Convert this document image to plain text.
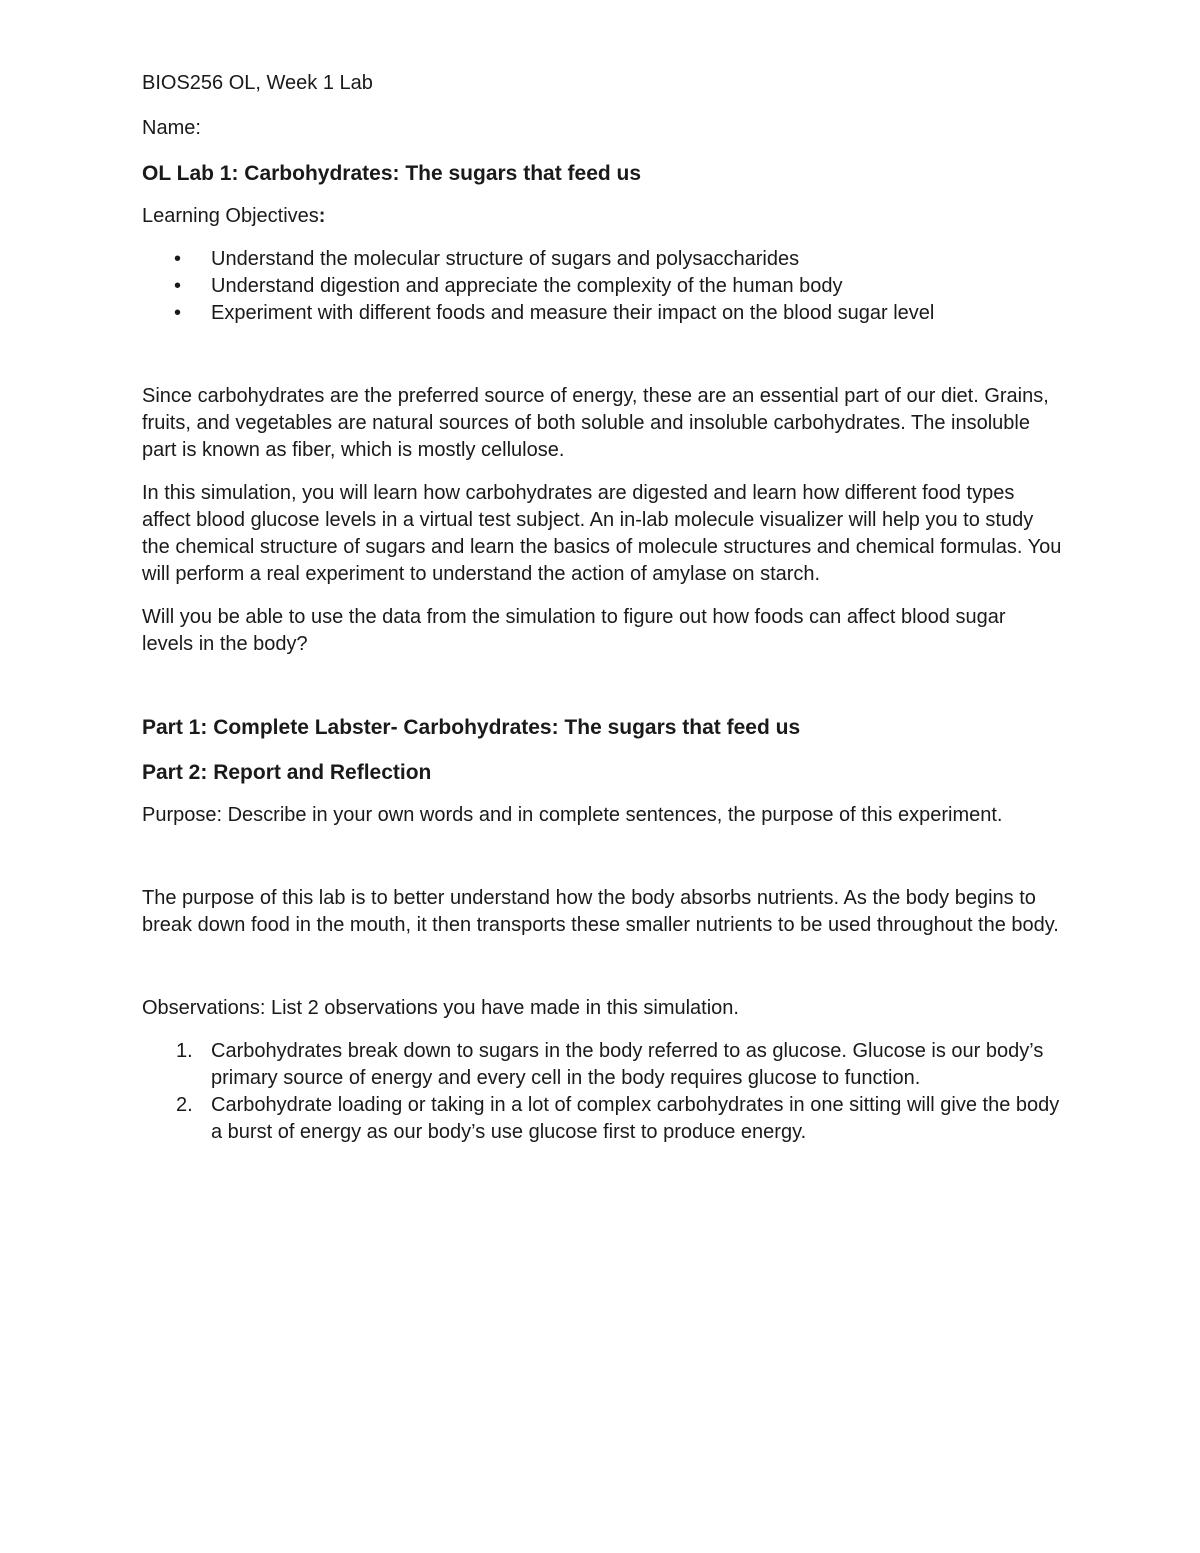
BIOS256 OL, Week 1 Lab

Name:

OL Lab 1: Carbohydrates: The sugars that feed us

Learning Objectives:

• Understand the molecular structure of sugars and polysaccharides
• Understand digestion and appreciate the complexity of the human body
• Experiment with different foods and measure their impact on the blood sugar level

Since carbohydrates are the preferred source of energy, these are an essential part of our diet. Grains, fruits, and vegetables are natural sources of both soluble and insoluble carbohydrates. The insoluble part is known as fiber, which is mostly cellulose.

In this simulation, you will learn how carbohydrates are digested and learn how different food types affect blood glucose levels in a virtual test subject. An in-lab molecule visualizer will help you to study the chemical structure of sugars and learn the basics of molecule structures and chemical formulas. You will perform a real experiment to understand the action of amylase on starch.

Will you be able to use the data from the simulation to figure out how foods can affect blood sugar levels in the body?

Part 1: Complete Labster- Carbohydrates: The sugars that feed us

Part 2: Report and Reflection

Purpose: Describe in your own words and in complete sentences, the purpose of this experiment.

The purpose of this lab is to better understand how the body absorbs nutrients. As the body begins to break down food in the mouth, it then transports these smaller nutrients to be used throughout the body.

Observations: List 2 observations you have made in this simulation.

1. Carbohydrates break down to sugars in the body referred to as glucose. Glucose is our body’s primary source of energy and every cell in the body requires glucose to function.
2. Carbohydrate loading or taking in a lot of complex carbohydrates in one sitting will give the body a burst of energy as our body’s use glucose first to produce energy.
